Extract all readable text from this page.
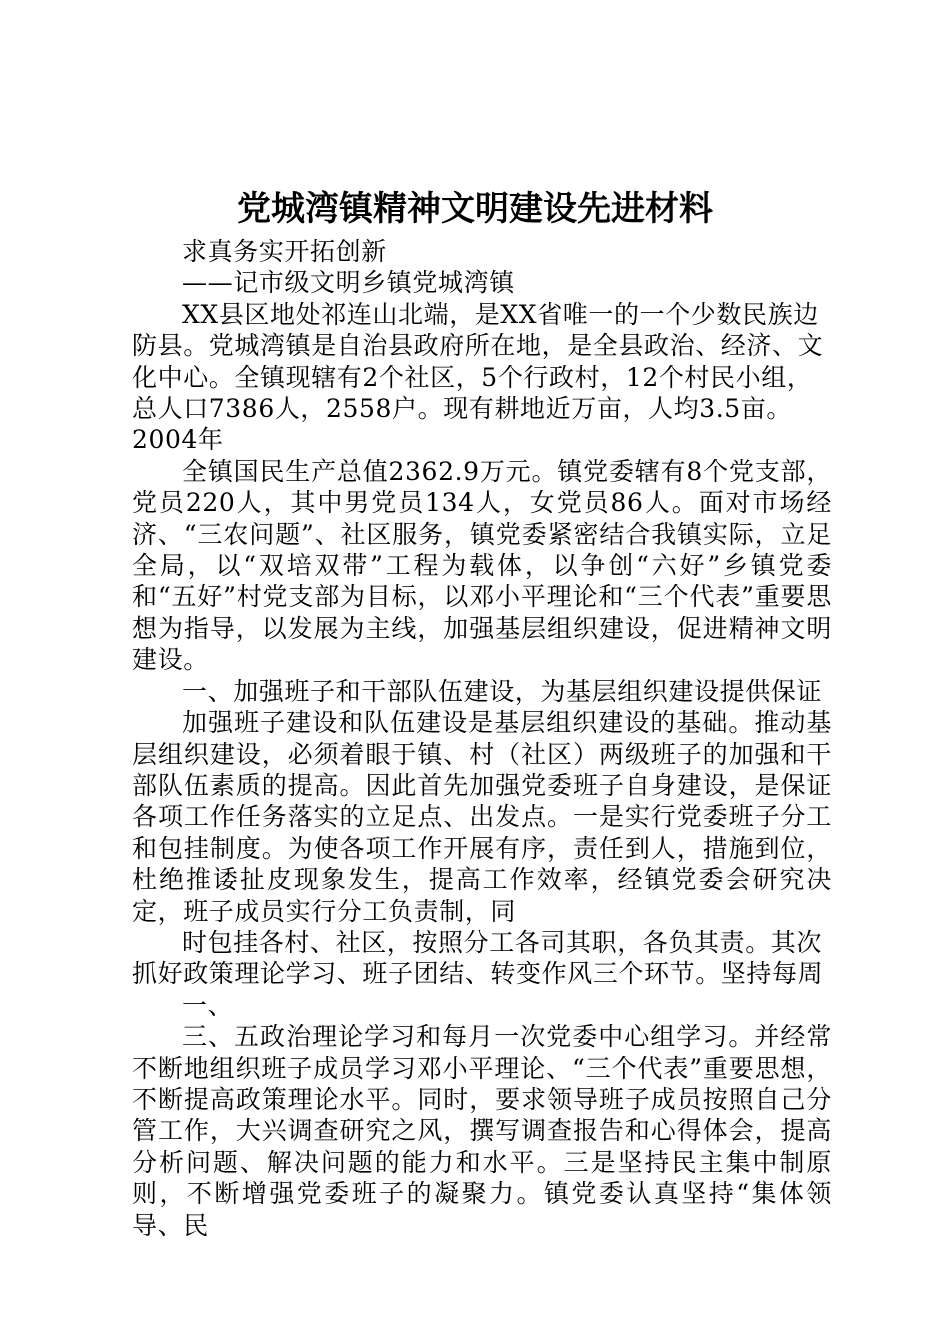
党城湾镇精神文明建设先进材料

求真务实开拓创新

——记市级文明乡镇党城湾镇

XX县区地处祁连山北端，是XX省唯一的一个少数民族边防县。党城湾镇是自治县政府所在地，是全县政治、经济、文化中心。全镇现辖有2个社区，5个行政村，12个村民小组，总人口7386人，2558户。现有耕地近万亩，人均3.5亩。2004年

全镇国民生产总值2362.9万元。镇党委辖有8个党支部，党员220人，其中男党员134人，女党员86人。面对市场经济、“三农问题”、社区服务，镇党委紧密结合我镇实际，立足全局，以“双培双带”工程为载体，以争创“六好”乡镇党委和“五好”村党支部为目标，以邓小平理论和“三个代表”重要思想为指导，以发展为主线，加强基层组织建设，促进精神文明建设。

一、加强班子和干部队伍建设，为基层组织建设提供保证

加强班子建设和队伍建设是基层组织建设的基础。推动基层组织建设，必须着眼于镇、村（社区）两级班子的加强和干部队伍素质的提高。因此首先加强党委班子自身建设，是保证各项工作任务落实的立足点、出发点。一是实行党委班子分工和包挂制度。为使各项工作开展有序，责任到人，措施到位，杜绝推诿扯皮现象发生，提高工作效率，经镇党委会研究决定，班子成员实行分工负责制，同

时包挂各村、社区，按照分工各司其职，各负其责。其次抓好政策理论学习、班子团结、转变作风三个环节。坚持每周

一、

三、五政治理论学习和每月一次党委中心组学习。并经常不断地组织班子成员学习邓小平理论、“三个代表”重要思想，不断提高政策理论水平。同时，要求领导班子成员按照自己分管工作，大兴调查研究之风，撰写调查报告和心得体会，提高分析问题、解决问题的能力和水平。三是坚持民主集中制原则，不断增强党委班子的凝聚力。镇党委认真坚持“集体领导、民
